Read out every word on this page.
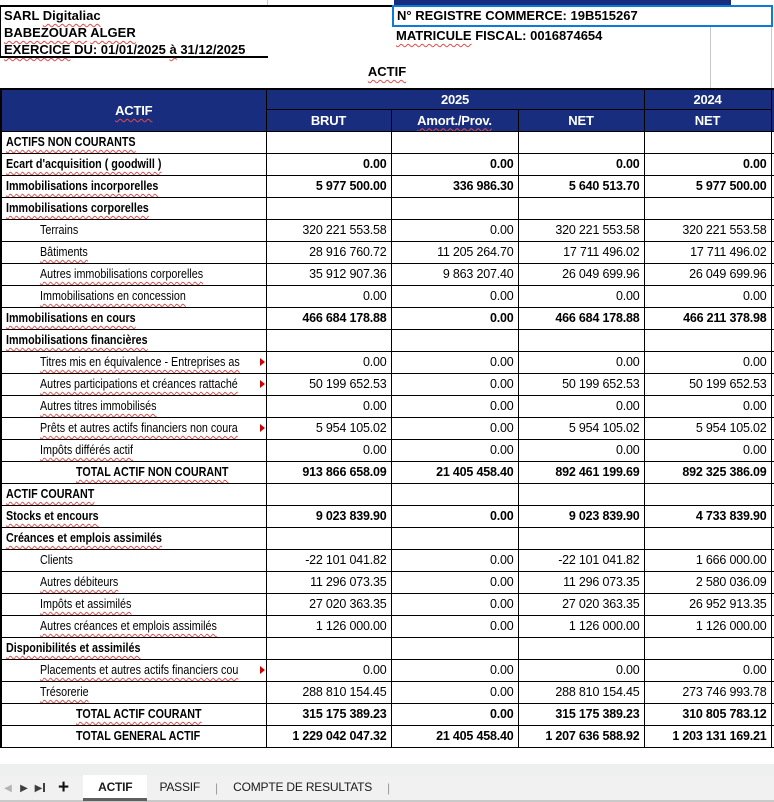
SARL Digitaliac
BABEZOUAR ALGER
EXERCICE DU: 01/01/2025 à 31/12/2025
N° REGISTRE COMMERCE: 19B515267
MATRICULE FISCAL: 0016874654
ACTIF
ACTIF	2025			2024	
	BRUT	Amort./Prov.	NET	NET	
ACTIFS NON COURANTS					
Ecart d'acquisition ( goodwill )	0.00	0.00	0.00	0.00	
Immobilisations incorporelles	5 977 500.00	336 986.30	5 640 513.70	5 977 500.00	
Immobilisations corporelles					
Terrains	320 221 553.58	0.00	320 221 553.58	320 221 553.58	
Bâtiments	28 916 760.72	11 205 264.70	17 711 496.02	17 711 496.02	
Autres immobilisations corporelles	35 912 907.36	9 863 207.40	26 049 699.96	26 049 699.96	
Immobilisations en concession	0.00	0.00	0.00	0.00	
Immobilisations en cours	466 684 178.88	0.00	466 684 178.88	466 211 378.98	
Immobilisations financières					
Titres mis en équivalence - Entreprises as	0.00	0.00	0.00	0.00	
Autres participations et créances rattaché	50 199 652.53	0.00	50 199 652.53	50 199 652.53	
Autres titres immobilisés	0.00	0.00	0.00	0.00	
Prêts et autres actifs financiers non coura	5 954 105.02	0.00	5 954 105.02	5 954 105.02	
Impôts différés actif	0.00	0.00	0.00	0.00	
TOTAL ACTIF NON COURANT	913 866 658.09	21 405 458.40	892 461 199.69	892 325 386.09	
ACTIF COURANT					
Stocks et encours	9 023 839.90	0.00	9 023 839.90	4 733 839.90	
Créances et emplois assimilés					
Clients	-22 101 041.82	0.00	-22 101 041.82	1 666 000.00	
Autres débiteurs	11 296 073.35	0.00	11 296 073.35	2 580 036.09	
Impôts et assimilés	27 020 363.35	0.00	27 020 363.35	26 952 913.35	
Autres créances et emplois assimilés	1 126 000.00	0.00	1 126 000.00	1 126 000.00	
Disponibilités et assimilés					
Placements et autres actifs financiers cou	0.00	0.00	0.00	0.00	
Trésorerie	288 810 154.45	0.00	288 810 154.45	273 746 993.78	
TOTAL ACTIF COURANT	315 175 389.23	0.00	315 175 389.23	310 805 783.12	
TOTAL GENERAL ACTIF	1 229 042 047.32	21 405 458.40	1 207 636 588.92	1 203 131 169.21	
◀ ▶ ▶ +	ACTIF	PASSIF	|	COMPTE DE RESULTATS	|
